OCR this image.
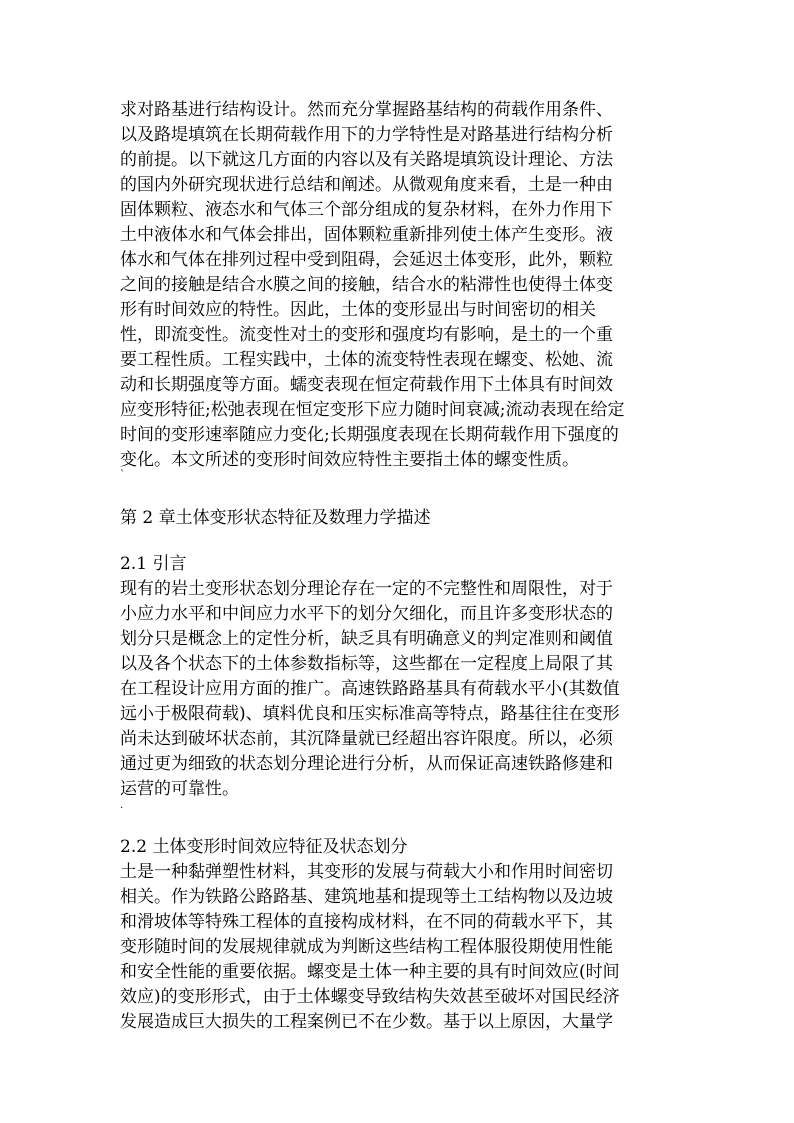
求对路基进行结构设计。然而充分掌握路基结构的荷载作用条件、
以及路堤填筑在长期荷载作用下的力学特性是对路基进行结构分析
的前提。以下就这几方面的内容以及有关路堤填筑设计理论、方法
的国内外研究现状进行总结和阐述。从微观角度来看，土是一种由
固体颗粒、液态水和气体三个部分组成的复杂材料，在外力作用下
土中液体水和气体会排出，固体颗粒重新排列使土体产生变形。液
体水和气体在排列过程中受到阻碍，会延迟土体变形，此外，颗粒
之间的接触是结合水膜之间的接触，结合水的粘滞性也使得土体变
形有时间效应的特性。因此，土体的变形显出与时间密切的相关
性，即流变性。流变性对土的变形和强度均有影响，是土的一个重
要工程性质。工程实践中，土体的流变特性表现在螺变、松她、流
动和长期强度等方面。蠕变表现在恒定荷载作用下土体具有时间效
应变形特征;松弛表现在恒定变形下应力随时间衰减;流动表现在给定
时间的变形速率随应力变化;长期强度表现在长期荷载作用下强度的
变化。本文所述的变形时间效应特性主要指土体的螺变性质。
`
第 2 章土体变形状态特征及数理力学描述
2.1 引言
现有的岩土变形状态划分理论存在一定的不完整性和周限性，对于
小应力水平和中间应力水平下的划分欠细化，而且许多变形状态的
划分只是概念上的定性分析，缺乏具有明确意义的判定准则和阈值
以及各个状态下的土体参数指标等，这些都在一定程度上局限了其
在工程设计应用方面的推广。高速铁路路基具有荷载水平小(其数值
远小于极限荷载)、填料优良和压实标准高等特点，路基往往在变形
尚未达到破坏状态前，其沉降量就已经超出容许限度。所以，必须
通过更为细致的状态划分理论进行分析，从而保证高速铁路修建和
运营的可靠性。
.
2.2 土体变形时间效应特征及状态划分
土是一种黏弹塑性材料，其变形的发展与荷载大小和作用时间密切
相关。作为铁路公路路基、建筑地基和提现等土工结构物以及边坡
和滑坡体等特殊工程体的直接构成材料，在不同的荷载水平下，其
变形随时间的发展规律就成为判断这些结构工程体服役期使用性能
和安全性能的重要依据。螺变是土体一种主要的具有时间效应(时间
效应)的变形形式，由于土体螺变导致结构失效甚至破坏对国民经济
发展造成巨大损失的工程案例已不在少数。基于以上原因，大量学
